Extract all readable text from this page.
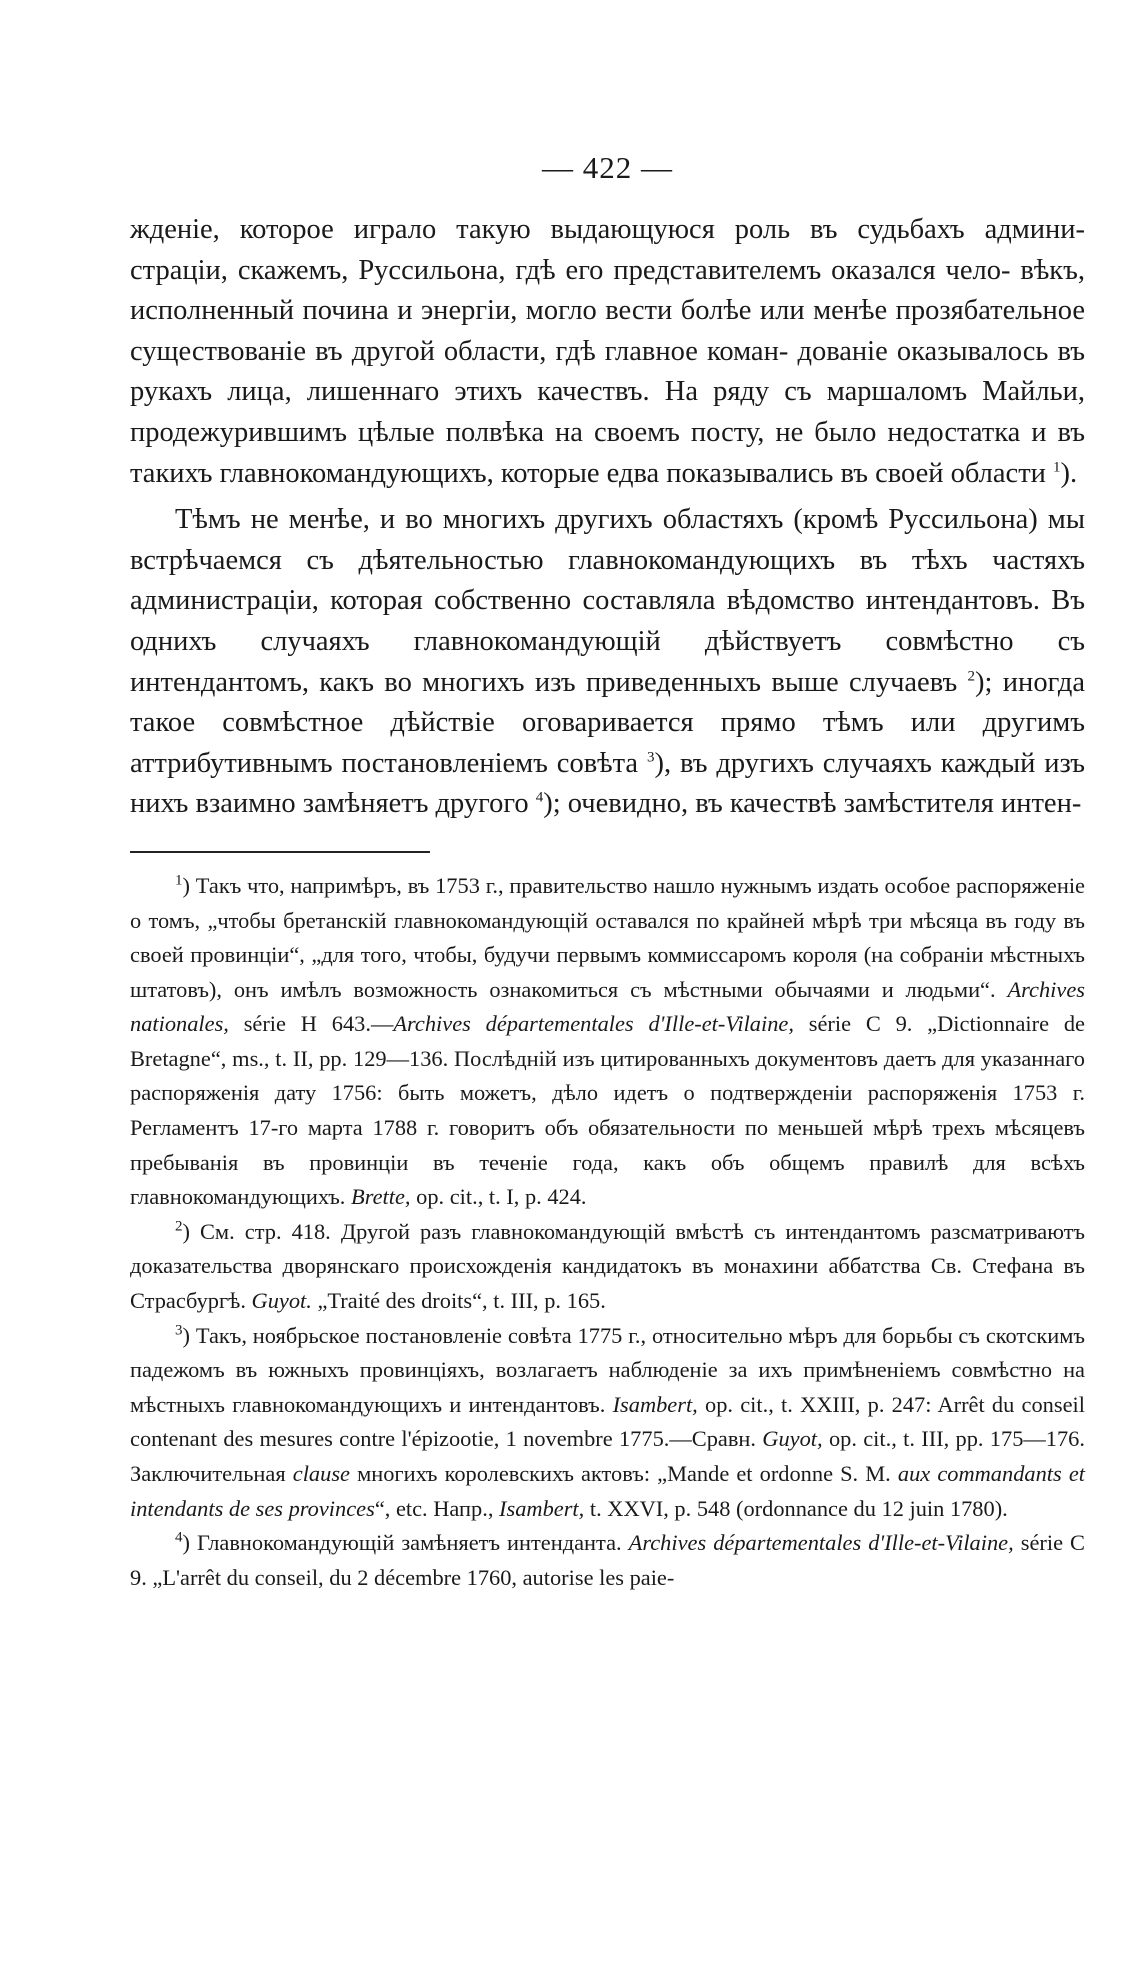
— 422 —

жденіе, которое играло такую выдающуюся роль въ судьбахъ админи- страціи, скажемъ, Руссильона, гдѣ его представителемъ оказался чело- вѣкъ, исполненный почина и энергіи, могло вести болѣе или менѣе прозябательное существованіе въ другой области, гдѣ главное коман- дованіе оказывалось въ рукахъ лица, лишеннаго этихъ качествъ. На ряду съ маршаломъ Майльи, продежурившимъ цѣлые полвѣка на своемъ посту, не было недостатка и въ такихъ главнокомандующихъ, которые едва показывались въ своей области $^1$).

Тѣмъ не менѣе, и во многихъ другихъ областяхъ (кромѣ Руссильона) мы встрѣчаемся съ дѣятельностью главнокомандующихъ въ тѣхъ частяхъ администраціи, которая собственно составляла вѣдомство интендантовъ. Въ однихъ случаяхъ главнокомандующій дѣйствуетъ совмѣстно съ интендантомъ, какъ во многихъ изъ приведенныхъ выше случаевъ $^2$); иногда такое совмѣстное дѣйствіе оговаривается прямо тѣмъ или другимъ аттрибутивнымъ постановленіемъ совѣта $^3$), въ другихъ случаяхъ каждый изъ нихъ взаимно замѣняетъ другого $^4$); очевидно, въ качествѣ замѣстителя интен-

$^1$) Такъ что, напримѣръ, въ 1753 г., правительство нашло нужнымъ издать особое распоряженіе о томъ, „чтобы бретанскій главнокомандующій оставался по крайней мѣрѣ три мѣсяца въ году въ своей провинціи“, „для того, чтобы, будучи первымъ коммиссаромъ короля (на собраніи мѣстныхъ штатовъ), онъ имѣлъ возможность ознакомиться съ мѣстными обычаями и людьми“. Archives nationales, série H 643.—Archives départementales d'Ille-et-Vilaine, série C 9. „Dictionnaire de Bretagne“, ms., t. II, pp. 129—136. Послѣдній изъ цитированныхъ документовъ даетъ для указаннаго распоряженія дату 1756: быть можетъ, дѣло идетъ о подтвержденіи распоряженія 1753 г. Регламентъ 17-го марта 1788 г. говоритъ объ обязательности по меньшей мѣрѣ трехъ мѣсяцевъ пребыванія въ провинціи въ теченіе года, какъ объ общемъ правилѣ для всѣхъ главнокомандующихъ. Brette, op. cit., t. I, p. 424.

$^2$) См. стр. 418. Другой разъ главнокомандующій вмѣстѣ съ интендантомъ разсматриваютъ доказательства дворянскаго происхожденія кандидатокъ въ монахини аббатства Св. Стефана въ Страсбургѣ. Guyot. „Traité des droits“, t. III, p. 165.

$^3$) Такъ, ноябрьское постановленіе совѣта 1775 г., относительно мѣръ для борьбы съ скотскимъ падежомъ въ южныхъ провинціяхъ, возлагаетъ наблюденіе за ихъ примѣненіемъ совмѣстно на мѣстныхъ главнокомандующихъ и интендантовъ. Isambert, op. cit., t. XXIII, p. 247: Arrêt du conseil contenant des mesures contre l'épizootie, 1 novembre 1775.—Сравн. Guyot, op. cit., t. III, pp. 175—176. Заключительная clause многихъ королевскихъ актовъ: „Mande et ordonne S. M. aux commandants et intendants de ses provinces“, etc. Напр., Isambert, t. XXVI, p. 548 (ordonnance du 12 juin 1780).

$^4$) Главнокомандующій замѣняетъ интенданта. Archives départementales d'Ille-et-Vilaine, série C 9. „L'arrêt du conseil, du 2 décembre 1760, autorise les paie-
